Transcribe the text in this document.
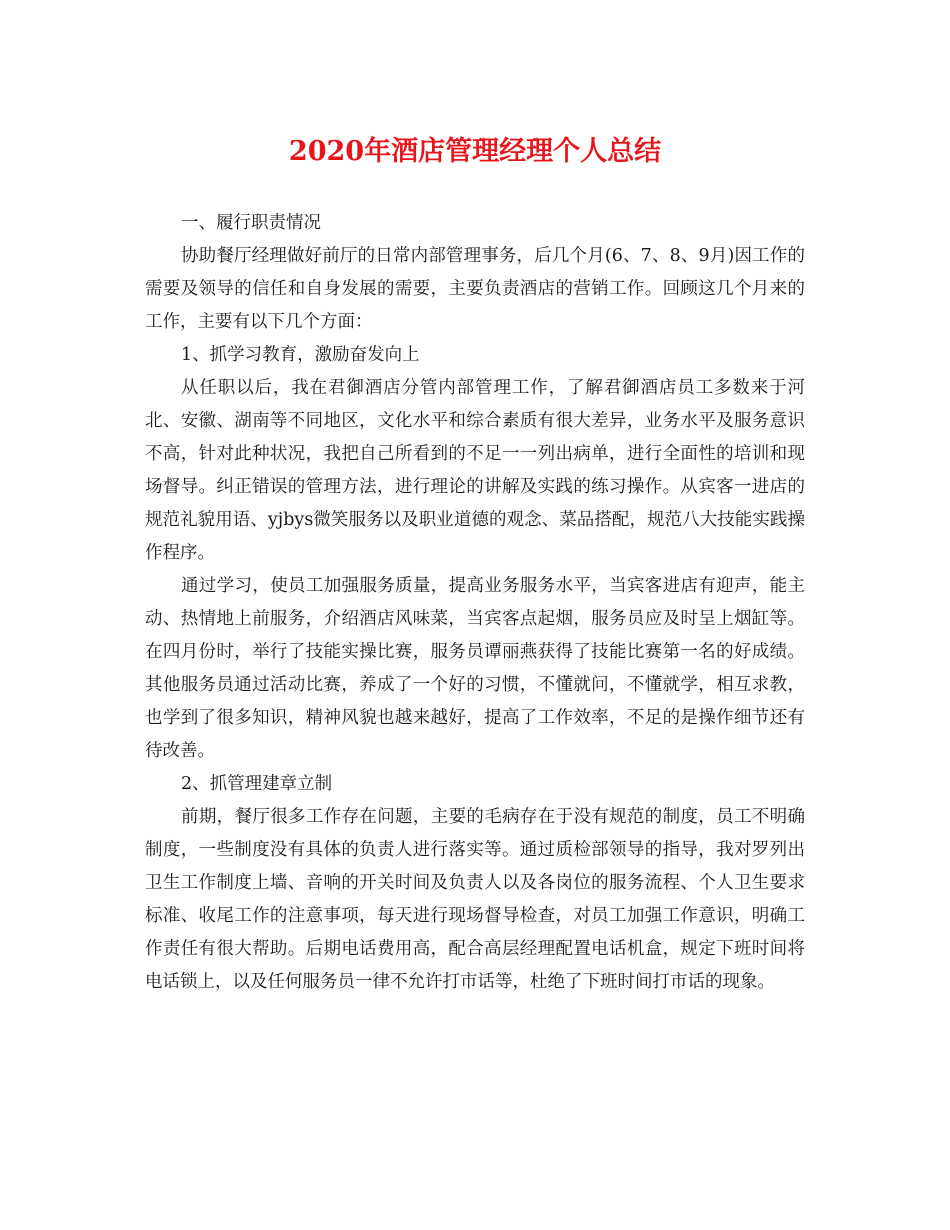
2020年酒店管理经理个人总结

一、履行职责情况

协助餐厅经理做好前厅的日常内部管理事务，后几个月(6、7、8、9月)因工作的需要及领导的信任和自身发展的需要，主要负责酒店的营销工作。回顾这几个月来的工作，主要有以下几个方面：

1、抓学习教育，激励奋发向上

从任职以后，我在君御酒店分管内部管理工作，了解君御酒店员工多数来于河北、安徽、湖南等不同地区，文化水平和综合素质有很大差异，业务水平及服务意识不高，针对此种状况，我把自己所看到的不足一一列出病单，进行全面性的培训和现场督导。纠正错误的管理方法，进行理论的讲解及实践的练习操作。从宾客一进店的规范礼貌用语、yjbys微笑服务以及职业道德的观念、菜品搭配，规范八大技能实践操作程序。

通过学习，使员工加强服务质量，提高业务服务水平，当宾客进店有迎声，能主动、热情地上前服务，介绍酒店风味菜，当宾客点起烟，服务员应及时呈上烟缸等。在四月份时，举行了技能实操比赛，服务员谭丽燕获得了技能比赛第一名的好成绩。其他服务员通过活动比赛，养成了一个好的习惯，不懂就问，不懂就学，相互求教，也学到了很多知识，精神风貌也越来越好，提高了工作效率，不足的是操作细节还有待改善。

2、抓管理建章立制

前期，餐厅很多工作存在问题，主要的毛病存在于没有规范的制度，员工不明确制度，一些制度没有具体的负责人进行落实等。通过质检部领导的指导，我对罗列出卫生工作制度上墙、音响的开关时间及负责人以及各岗位的服务流程、个人卫生要求标准、收尾工作的注意事项，每天进行现场督导检查，对员工加强工作意识，明确工作责任有很大帮助。后期电话费用高，配合高层经理配置电话机盒，规定下班时间将电话锁上，以及任何服务员一律不允许打市话等，杜绝了下班时间打市话的现象。
